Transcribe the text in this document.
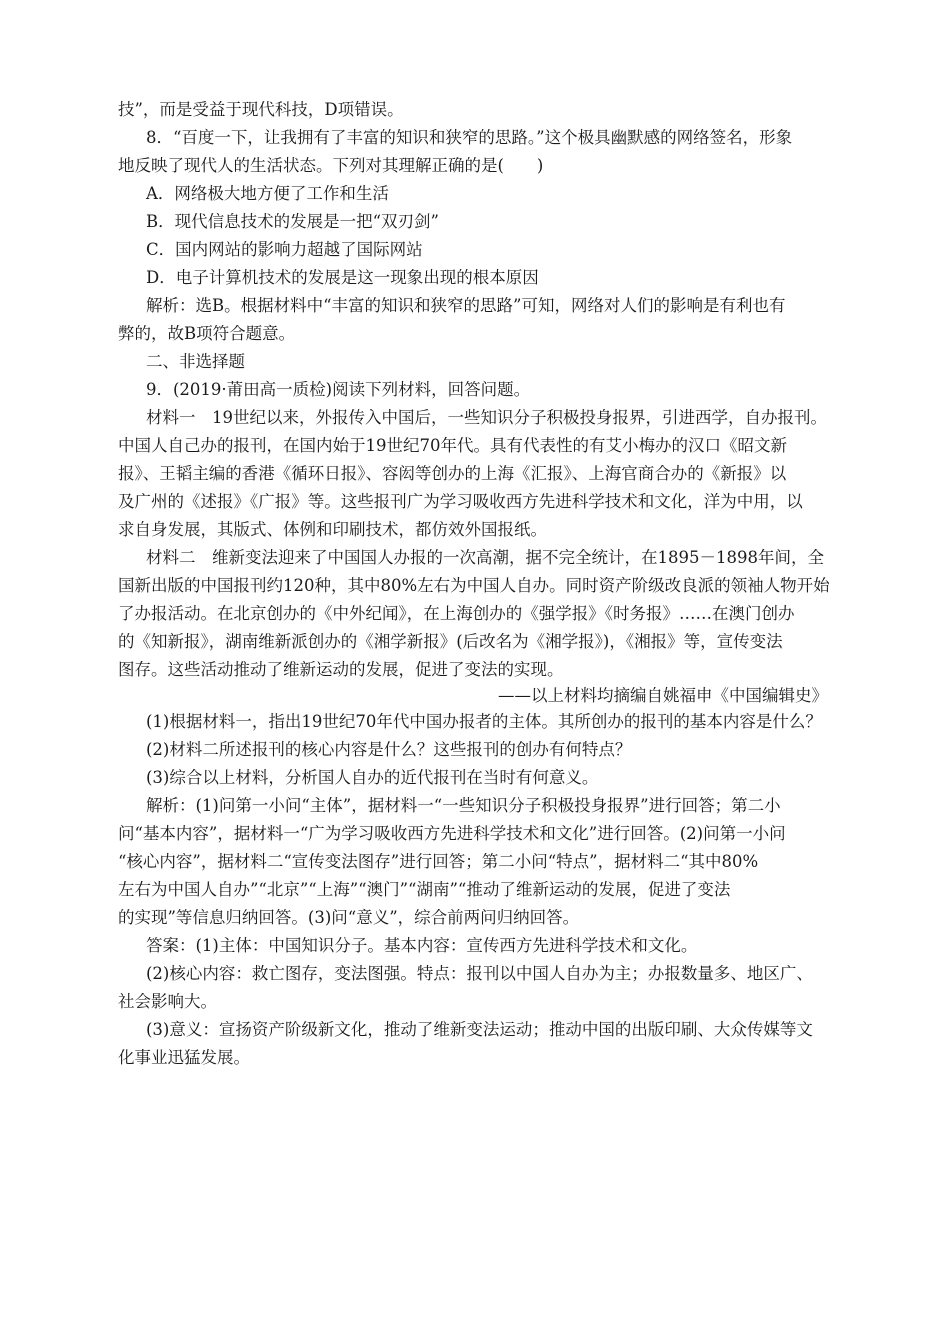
技”，而是受益于现代科技，D项错误。
8．“百度一下，让我拥有了丰富的知识和狭窄的思路。”这个极具幽默感的网络签名，形象
地反映了现代人的生活状态。下列对其理解正确的是(　　)
A．网络极大地方便了工作和生活
B．现代信息技术的发展是一把“双刃剑”
C．国内网站的影响力超越了国际网站
D．电子计算机技术的发展是这一现象出现的根本原因
解析：选B。根据材料中“丰富的知识和狭窄的思路”可知，网络对人们的影响是有利也有
弊的，故B项符合题意。
二、非选择题
9．(2019·莆田高一质检)阅读下列材料，回答问题。
材料一　19世纪以来，外报传入中国后，一些知识分子积极投身报界，引进西学，自办报刊。
中国人自己办的报刊，在国内始于19世纪70年代。具有代表性的有艾小梅办的汉口《昭文新
报》、王韬主编的香港《循环日报》、容闳等创办的上海《汇报》、上海官商合办的《新报》以
及广州的《述报》《广报》等。这些报刊广为学习吸收西方先进科学技术和文化，洋为中用，以
求自身发展，其版式、体例和印刷技术，都仿效外国报纸。
材料二　维新变法迎来了中国国人办报的一次高潮，据不完全统计，在1895－1898年间，全
国新出版的中国报刊约120种，其中80%左右为中国人自办。同时资产阶级改良派的领袖人物开始
了办报活动。在北京创办的《中外纪闻》，在上海创办的《强学报》《时务报》……在澳门创办
的《知新报》，湖南维新派创办的《湘学新报》(后改名为《湘学报》)，《湘报》等，宣传变法
图存。这些活动推动了维新运动的发展，促进了变法的实现。
——以上材料均摘编自姚福申《中国编辑史》
(1)根据材料一，指出19世纪70年代中国办报者的主体。其所创办的报刊的基本内容是什么？
(2)材料二所述报刊的核心内容是什么？这些报刊的创办有何特点？
(3)综合以上材料，分析国人自办的近代报刊在当时有何意义。
解析：(1)问第一小问“主体”，据材料一“一些知识分子积极投身报界”进行回答；第二小
问“基本内容”，据材料一“广为学习吸收西方先进科学技术和文化”进行回答。(2)问第一小问
“核心内容”，据材料二“宣传变法图存”进行回答；第二小问“特点”，据材料二“其中80%
左右为中国人自办”“北京”“上海”“澳门”“湖南”“推动了维新运动的发展，促进了变法
的实现”等信息归纳回答。(3)问“意义”，综合前两问归纳回答。
答案：(1)主体：中国知识分子。基本内容：宣传西方先进科学技术和文化。
(2)核心内容：救亡图存，变法图强。特点：报刊以中国人自办为主；办报数量多、地区广、
社会影响大。
(3)意义：宣扬资产阶级新文化，推动了维新变法运动；推动中国的出版印刷、大众传媒等文
化事业迅猛发展。
